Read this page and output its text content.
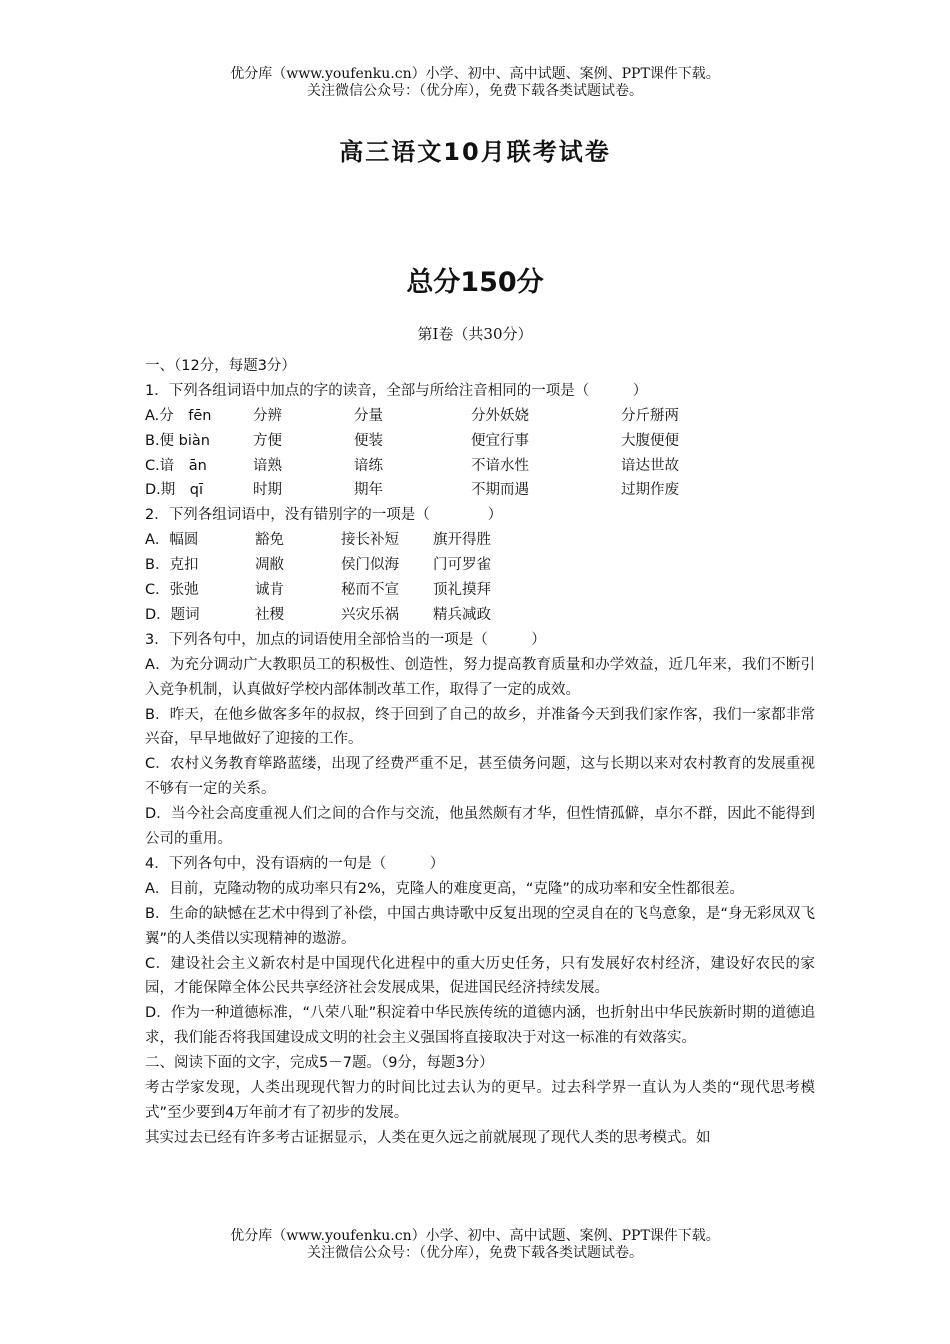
优分库（www.youfenku.cn）小学、初中、高中试题、案例、PPT课件下载。
关注微信公众号：（优分库），免费下载各类试题试卷。
高三语文10月联考试卷
总分150分
第Ⅰ卷（共30分）
一、（12分，每题3分）
1．下列各组词语中加点的字的读音，全部与所给注音相同的一项是（　　　）
A.分　fēn	分辨	分量	分外妖娆	分斤掰两
B.便 biàn	方便	便装	便宜行事	大腹便便
C.谙　ān	谙熟	谙练	不谙水性	谙达世故
D.期　qī	时期	期年	不期而遇	过期作废
2．下列各组词语中，没有错别字的一项是（　　　　）
A．幅圆	豁免	接长补短	旗开得胜
B．克扣	凋敝	侯门似海	门可罗雀
C．张弛	诚肯	秘而不宣	顶礼摸拜
D．题词	社稷	兴灾乐祸	精兵减政
3．下列各句中，加点的词语使用全部恰当的一项是（　　　）
A．为充分调动广大教职员工的积极性、创造性，努力提高教育质量和办学效益，近几年来，我们不断引入竞争机制，认真做好学校内部体制改革工作，取得了一定的成效。
B．昨天，在他乡做客多年的叔叔，终于回到了自己的故乡，并准备今天到我们家作客，我们一家都非常兴奋，早早地做好了迎接的工作。
C．农村义务教育筚路蓝缕，出现了经费严重不足，甚至债务问题，这与长期以来对农村教育的发展重视不够有一定的关系。
D．当今社会高度重视人们之间的合作与交流，他虽然颇有才华，但性情孤僻，卓尔不群，因此不能得到公司的重用。
4．下列各句中，没有语病的一句是（　　　）
A．目前，克隆动物的成功率只有2%，克隆人的难度更高，“克隆”的成功率和安全性都很差。
B．生命的缺憾在艺术中得到了补偿，中国古典诗歌中反复出现的空灵自在的飞鸟意象，是“身无彩凤双飞翼”的人类借以实现精神的遨游。
C．建设社会主义新农村是中国现代化进程中的重大历史任务，只有发展好农村经济，建设好农民的家园，才能保障全体公民共享经济社会发展成果，促进国民经济持续发展。
D．作为一种道德标准，“八荣八耻”积淀着中华民族传统的道德内涵，也折射出中华民族新时期的道德追求，我们能否将我国建设成文明的社会主义强国将直接取决于对这一标准的有效落实。
二、阅读下面的文字，完成5－7题。（9分，每题3分）
考古学家发现，人类出现现代智力的时间比过去认为的更早。过去科学界一直认为人类的“现代思考模式”至少要到4万年前才有了初步的发展。
其实过去已经有许多考古证据显示，人类在更久远之前就展现了现代人类的思考模式。如
优分库（www.youfenku.cn）小学、初中、高中试题、案例、PPT课件下载。
关注微信公众号：（优分库），免费下载各类试题试卷。
